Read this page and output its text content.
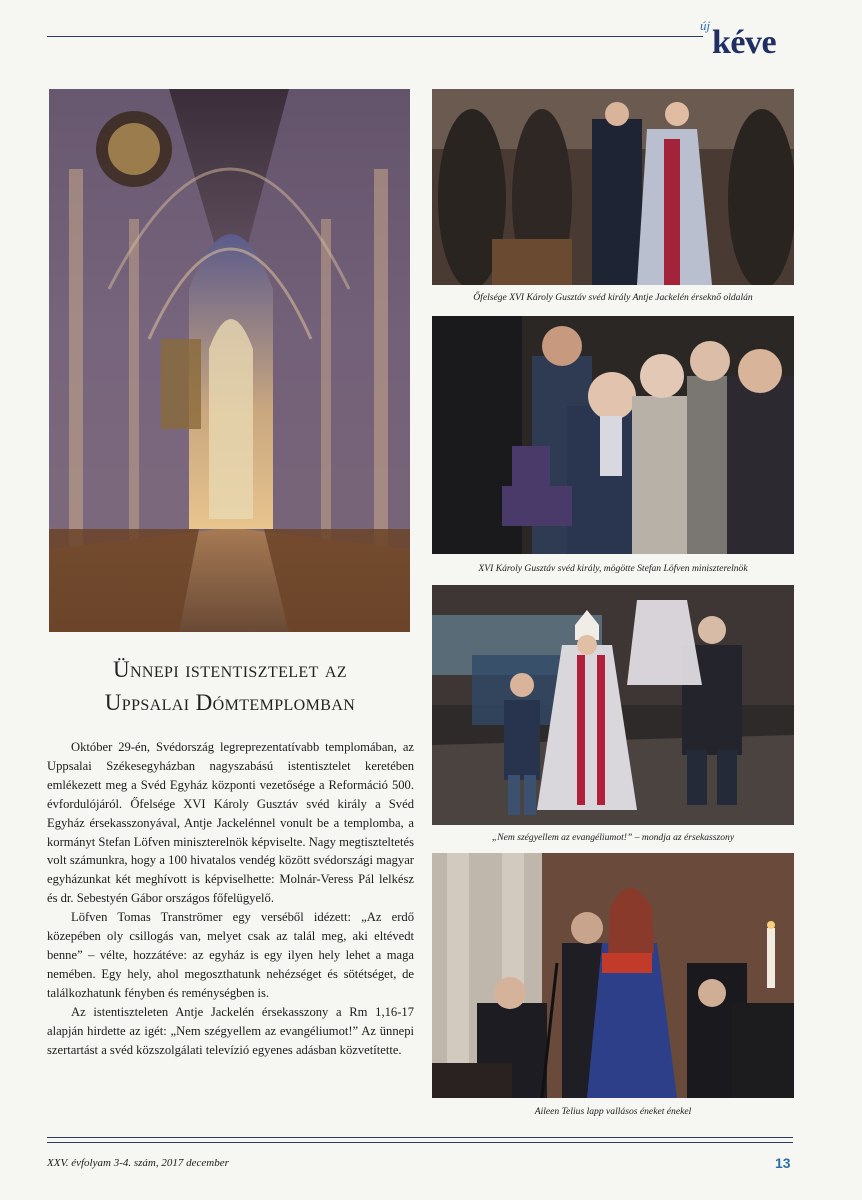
új kéve
Őfelsége XVI Károly Gusztáv svéd király Antje Jackelén érseknő oldalán
XVI Károly Gusztáv svéd király, mögötte Stefan Löfven miniszterelnök
„Nem szégyellem az evangéliumot!” – mondja az érsekasszony
Aileen Telius lapp vallásos éneket énekel
Ünnepi istentisztelet az
Uppsalai Dómtemplomban

Október 29-én, Svédország legreprezentatívabb templomában, az Uppsalai Székesegyházban nagyszabású istentisztelet keretében emlékezett meg a Svéd Egyház központi vezetősége a Reformáció 500. évfordulójáról. Őfelsége XVI Károly Gusztáv svéd király a Svéd Egyház érsekasszonyával, Antje Jackelénnel vonult be a templomba, a kormányt Stefan Löfven miniszterelnök képviselte. Nagy megtiszteltetés volt számunkra, hogy a 100 hivatalos vendég között svédországi magyar egyházunkat két meghívott is képviselhette: Molnár-Veress Pál lelkész és dr. Sebestyén Gábor országos főfelügyelő.

Löfven Tomas Tranströmer egy verséből idézett: „Az erdő közepében oly csillogás van, melyet csak az talál meg, aki eltévedt benne” – vélte, hozzátéve: az egyház is egy ilyen hely lehet a maga nemében. Egy hely, ahol megoszthatunk nehézséget és sötétséget, de találkozhatunk fényben és reménységben is.

Az istentiszteleten Antje Jackelén érsekasszony a Rm 1,16-17 alapján hirdette az igét: „Nem szégyellem az evangéliumot!” Az ünnepi szertartást a svéd közszolgálati televízió egyenes adásban közvetítette.

XXV. évfolyam 3-4. szám, 2017 december	13
